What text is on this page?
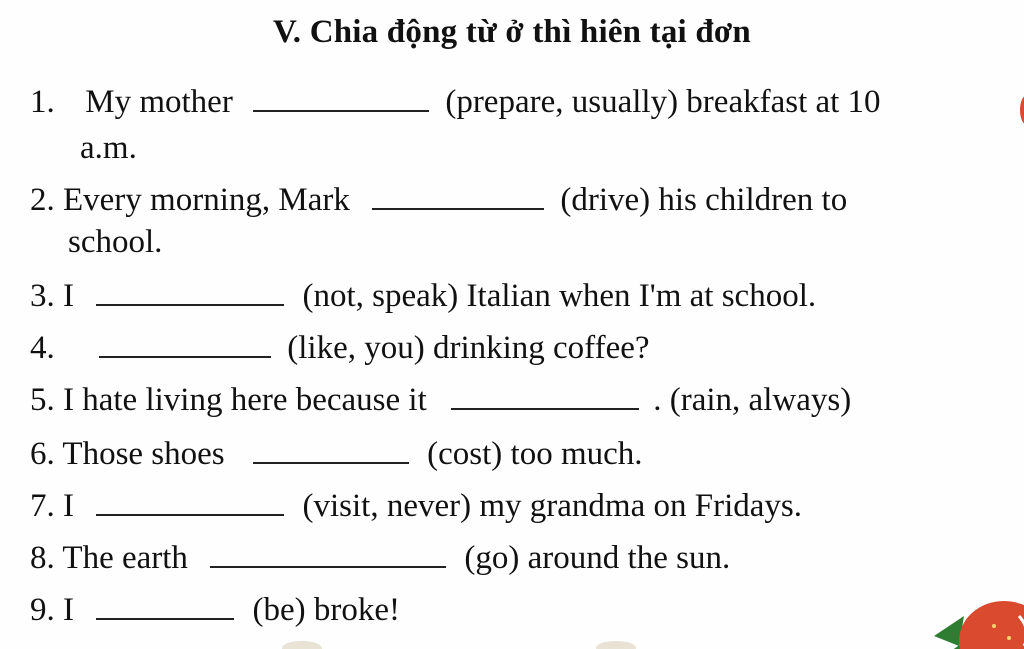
V. Chia động từ ở thì hiên tại đơn
1. My mother	(prepare, usually) breakfast at 10
a.m.
2. Every morning, Mark	(drive) his children to
school.
3. I	(not, speak) Italian when I'm at school.
4.	(like, you) drinking coffee?
5. I hate living here because it	. (rain, always)
6. Those shoes	(cost) too much.
7. I	(visit, never) my grandma on Fridays.
8. The earth	(go) around the sun.
9. I	(be) broke!
